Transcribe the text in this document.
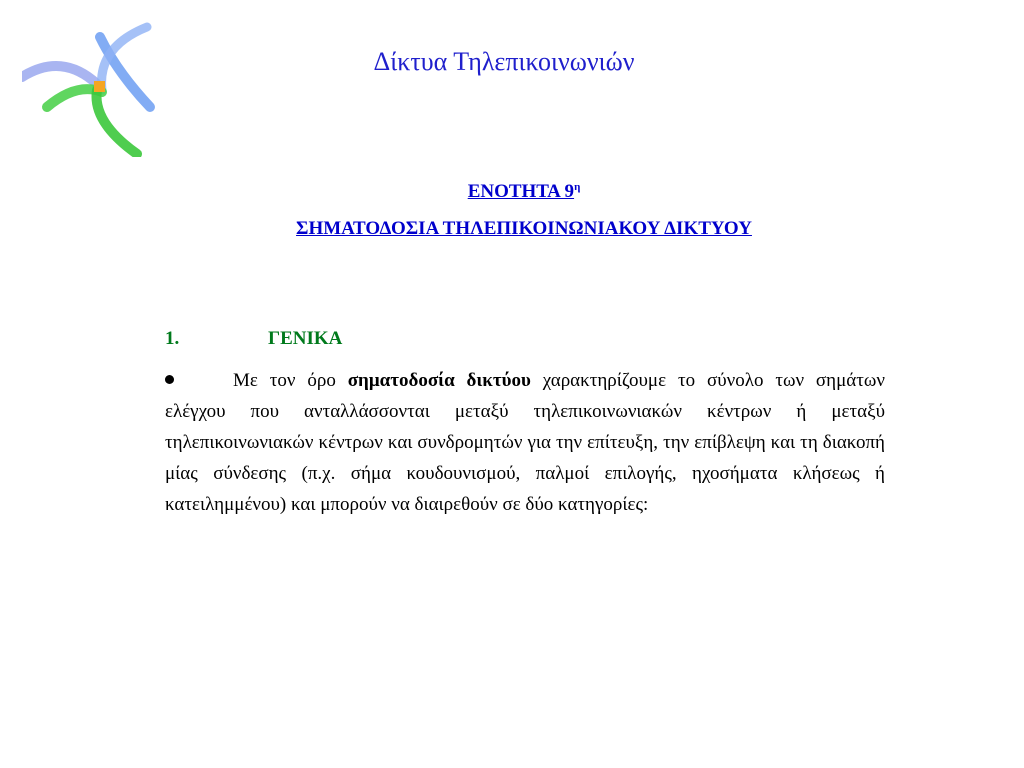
Δίκτυα Τηλεπικοινωνιών
ΕΝΟΤΗΤΑ $9^\eta$
ΣΗΜΑΤΟΔΟΣΙΑ ΤΗΛΕΠΙΚΟΙΝΩΝΙΑΚΟΥ ΔΙΚΤΥΟΥ
1.	ΓΕΝΙΚΑ
Με τον όρο σηματοδοσία δικτύου χαρακτηρίζουμε το σύνολο των σημάτων ελέγχου που ανταλλάσσονται μεταξύ τηλεπικοινωνιακών κέντρων ή μεταξύ τηλεπικοινωνιακών κέντρων και συνδρομητών για την επίτευξη, την επίβλεψη και τη διακοπή μίας σύνδεσης (π.χ. σήμα κουδουνισμού, παλμοί επιλογής, ηχοσήματα κλήσεως ή κατειλημμένου) και μπορούν να διαιρεθούν σε δύο κατηγορίες:
